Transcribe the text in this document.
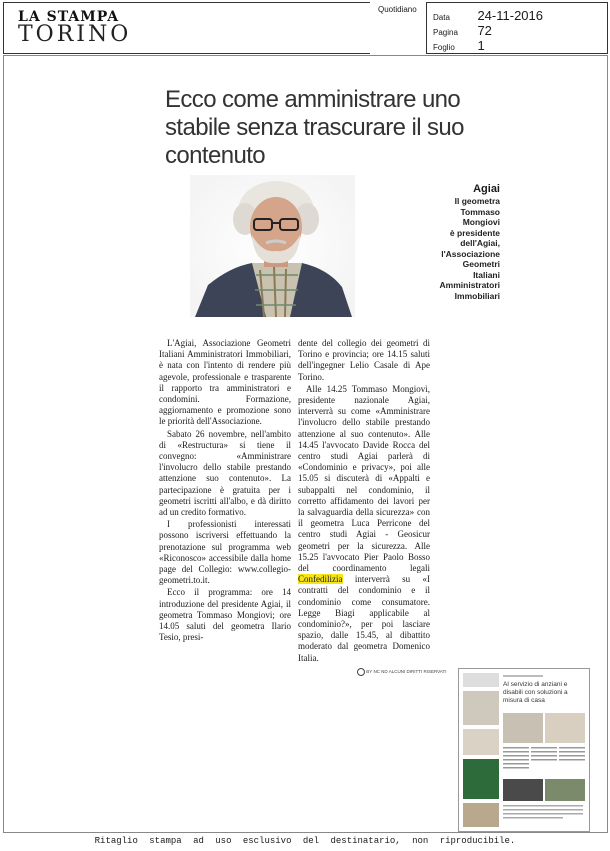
LA STAMPA
TORINO
Quotidiano
Data 24-11-2016
Pagina 72
Foglio 1
Ecco come amministrare uno stabile senza trascurare il suo contenuto
Agiai
Il geometra
Tommaso
Mongiovi
è presidente
dell'Agiai,
l'Associazione
Geometri
Italiani
Amministratori
Immobiliari

L'Agiai, Associazione Geometri Italiani Amministratori Immobiliari, è nata con l'intento di rendere più agevole, professionale e trasparente il rapporto tra amministratori e condomini. Formazione, aggiornamento e promozione sono le priorità dell'Associazione.

Sabato 26 novembre, nell'ambito di «Restructura» si tiene il convegno: «Amministrare l'involucro dello stabile prestando attenzione suo contenuto». La partecipazione è gratuita per i geometri iscritti all'albo, e dà diritto ad un credito formativo.

I professionisti interessati possono iscriversi effettuando la prenotazione sul programma web «Riconosco» accessibile dalla home page del Collegio: www.collegio-geometri.to.it.

Ecco il programma: ore 14 introduzione del presidente Agiai, il geometra Tommaso Mongiovi; ore 14.05 saluti del geometra Ilario Tesio, presi-

dente del collegio dei geometri di Torino e provincia; ore 14.15 saluti dell'ingegner Lelio Casale di Ape Torino.

Alle 14.25 Tommaso Mongiovì, presidente nazionale Agiai, interverrà su come «Amministrare l'involucro dello stabile prestando attenzione al suo contenuto». Alle 14.45 l'avvocato Davide Rocca del centro studi Agiai parlerà di «Condominio e privacy», poi alle 15.05 si discuterà di «Appalti e subappalti nel condominio, il corretto affidamento dei lavori per la salvaguardia della sicurezza» con il geometra Luca Perricone del centro studi Agiai - Geosicur geometri per la sicurezza. Alle 15.25 l'avvocato Pier Paolo Bosso del coordinamento legali Confedilizia interverrà su «I contratti del condominio e il condominio come consumatore. Legge Biagi applicabile al condominio?», per poi lasciare spazio, dalle 15.45, al dibattito moderato dal geometra Domenico Italia.

BY NC ND ALCUNI DIRITTI RISERVATI
Al servizio di anziani e disabili con soluzioni a misura di casa

Ritaglio stampa ad uso esclusivo del destinatario, non riproducibile.
